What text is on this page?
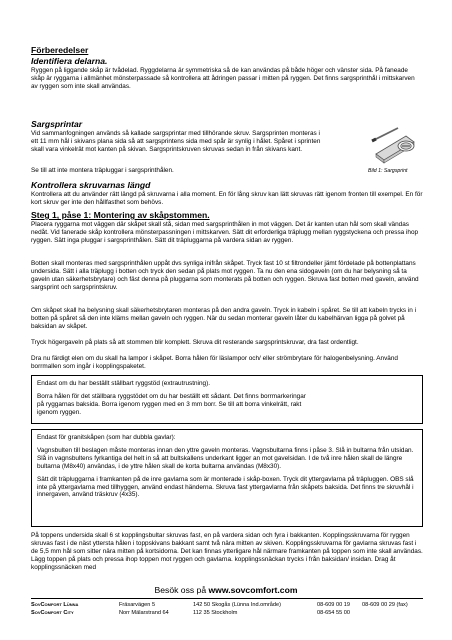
Förberedelser
Identifiera delarna.

Ryggen på liggande skåp är tvådelad. Ryggdelarna är symmetriska så de kan användas på både höger och vänster sida. På faneade skåp är ryggarna i allmänhet mönsterpassade så kontrollera att ådringen passar i mitten på ryggen. Det finns sargsprinthål i mittskarven av ryggen som inte skall användas.

Sargsprintar

Vid sammanfogningen används så kallade sargsprintar med tillhörande skruv. Sargsprinten monteras i ett 11 mm hål i skivans plana sida så att sargsprintens sida med spår är synlig i hålet. Spåret i sprinten skall vara vinkelrät mot kanten på skivan. Sargsprintskruven skruvas sedan in från skivans kant.

Se till att inte montera träpluggar i sargsprinthålen.	Bild 1: Sargsprint
Kontrollera skruvarnas längd

Kontrollera att du använder rätt längd på skruvarna i alla moment. En för lång skruv kan lätt skruvas rätt igenom fronten till exempel. En för kort skruv ger inte den hållfasthet som behövs.

Steg 1, påse 1: Montering av skåpstommen.

Placera ryggarna mot väggen där skåpet skall stå, sidan med sargsprinthålen in mot väggen. Det är kanten utan hål som skall vändas nedåt. Vid fanerade skåp kontrollera mönsterpassningen i mittskarven. Sätt dit erforderliga träplugg mellan ryggstyckena och pressa ihop ryggen. Sätt inga pluggar i sargsprinthålen. Sätt dit träpluggarna på vardera sidan av ryggen.

Botten skall monteras med sargsprinthålen uppåt dvs synliga inifrån skåpet. Tryck fast 10 st filtrondeller jämt fördelade på bottenplattans undersida. Sätt i alla träplugg i botten och tryck den sedan på plats mot ryggen. Ta nu den ena sidogaveln (om du har belysning så ta gaveln utan säkerhetsbrytare) och fäst denna på pluggarna som monterats på botten och ryggen. Skruva fast botten med gaveln, använd sargsprint och sargsprintskruv.

Om skåpet skall ha belysning skall säkerhetsbrytaren monteras på den andra gaveln. Tryck in kabeln i spåret. Se till att kabeln trycks in i botten på spåret så den inte kläms mellan gaveln och ryggen. När du sedan monterar gaveln låter du kabelhärvan ligga på golvet på baksidan av skåpet.

Tryck högergaveln på plats så att stommen blir komplett. Skruva dit resterande sargsprintskruvar, dra fast ordentligt.

Dra nu färdigt elen om du skall ha lampor i skåpet. Borra hålen för läslampor och/ eller strömbrytare för halogenbelysning. Använd borrmallen som ingår i kopplingspaketet.

Endast om du har beställt ställbart ryggstöd (extrautrustning).

Borra hålen för det ställbara ryggstödet om du har beställt ett sådant. Det finns borrmarkeringar på ryggarnas baksida. Borra igenom ryggen med en 3 mm borr. Se till att borra vinkelrätt, rakt igenom ryggen.

Endast för granitskåpen (som har dubbla gavlar):

Vagnsbulten till beslagen måste monteras innan den yttre gaveln monteras. Vagnsbultarna finns i påse 3. Slå in bultarna från utsidan. Slå in vagnsbultens fyrkantiga del helt in så att bultskallens underkant ligger an mot gavelsidan. I de två inre hålen skall de längre bultarna (M8x40) användas, i de yttre hålen skall de korta bultarna användas (M8x30).

Sätt dit träpluggarna i framkanten på de inre gavlarna som är monterade i skåp-boxen. Tryck dit yttergavlarna på träpluggen. OBS slå inte på yttergavlarna med tillhyggen, använd endast händerna. Skruva fast yttergavlarna från skåpets baksida. Det finns tre skruvhål i innergaven, använd träskruv (4x35).

På toppens undersida skall 6 st kopplingsbultar skruvas fast, en på vardera sidan och fyra i bakkanten. Kopplingsskruvarna för ryggen skruvas fast i de näst yttersta hålen i toppskivans bakkant samt två nära mitten av skiven. Kopplingsskruvarna för gavlarna skruvas fast i de 5,5 mm hål som sitter nära mitten på kortsidorna. Det kan finnas ytterligare hål närmare framkanten på toppen som inte skall användas. Lägg toppen på plats och pressa ihop toppen mot ryggen och gavlarna. kopplingssnäckan trycks i från baksidan/ insidan. Drag åt kopplingssnäcken med

Besök oss på www.sovcomfort.com
SovComfort Lünna	Fräsarvägen 5	142 50 Skogås (Lünna Ind.område)	08-609 00 19 08-609 00 29 (fax)
SovComfort City	Norr Mälarstrand 64	112 35 Stockholm	08-654 55 00
